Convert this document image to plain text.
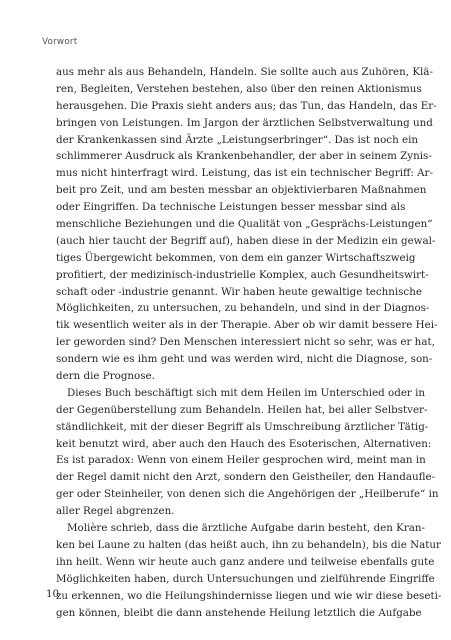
Vorwort
aus mehr als aus Behandeln, Handeln. Sie sollte auch aus Zuhören, Klä-
ren, Begleiten, Verstehen bestehen, also über den reinen Aktionismus
herausgehen. Die Praxis sieht anders aus; das Tun, das Handeln, das Er-
bringen von Leistungen. Im Jargon der ärztlichen Selbstverwaltung und
der Krankenkassen sind Ärzte „Leistungserbringer“. Das ist noch ein
schlimmerer Ausdruck als Krankenbehandler, der aber in seinem Zynis-
mus nicht hinterfragt wird. Leistung, das ist ein technischer Begriff: Ar-
beit pro Zeit, und am besten messbar an objektivierbaren Maßnahmen
oder Eingriffen. Da technische Leistungen besser messbar sind als
menschliche Beziehungen und die Qualität von „Gesprächs-Leistungen“
(auch hier taucht der Begriff auf), haben diese in der Medizin ein gewal-
tiges Übergewicht bekommen, von dem ein ganzer Wirtschaftszweig
profitiert, der medizinisch-industrielle Komplex, auch Gesundheitswirt-
schaft oder -industrie genannt. Wir haben heute gewaltige technische
Möglichkeiten, zu untersuchen, zu behandeln, und sind in der Diagnos-
tik wesentlich weiter als in der Therapie. Aber ob wir damit bessere Hei-
ler geworden sind? Den Menschen interessiert nicht so sehr, was er hat,
sondern wie es ihm geht und was werden wird, nicht die Diagnose, son-
dern die Prognose.
Dieses Buch beschäftigt sich mit dem Heilen im Unterschied oder in
der Gegenüberstellung zum Behandeln. Heilen hat, bei aller Selbstver-
ständlichkeit, mit der dieser Begriff als Umschreibung ärztlicher Tätig-
keit benutzt wird, aber auch den Hauch des Esoterischen, Alternativen:
Es ist paradox: Wenn von einem Heiler gesprochen wird, meint man in
der Regel damit nicht den Arzt, sondern den Geistheiler, den Handaufle-
ger oder Steinheiler, von denen sich die Angehörigen der „Heilberufe“ in
aller Regel abgrenzen.
Molière schrieb, dass die ärztliche Aufgabe darin besteht, den Kran-
ken bei Laune zu halten (das heißt auch, ihn zu behandeln), bis die Natur
ihn heilt. Wenn wir heute auch ganz andere und teilweise ebenfalls gute
Möglichkeiten haben, durch Untersuchungen und zielführende Eingriffe
zu erkennen, wo die Heilungshindernisse liegen und wie wir diese beseti-
gen können, bleibt die dann anstehende Heilung letztlich die Aufgabe
10
